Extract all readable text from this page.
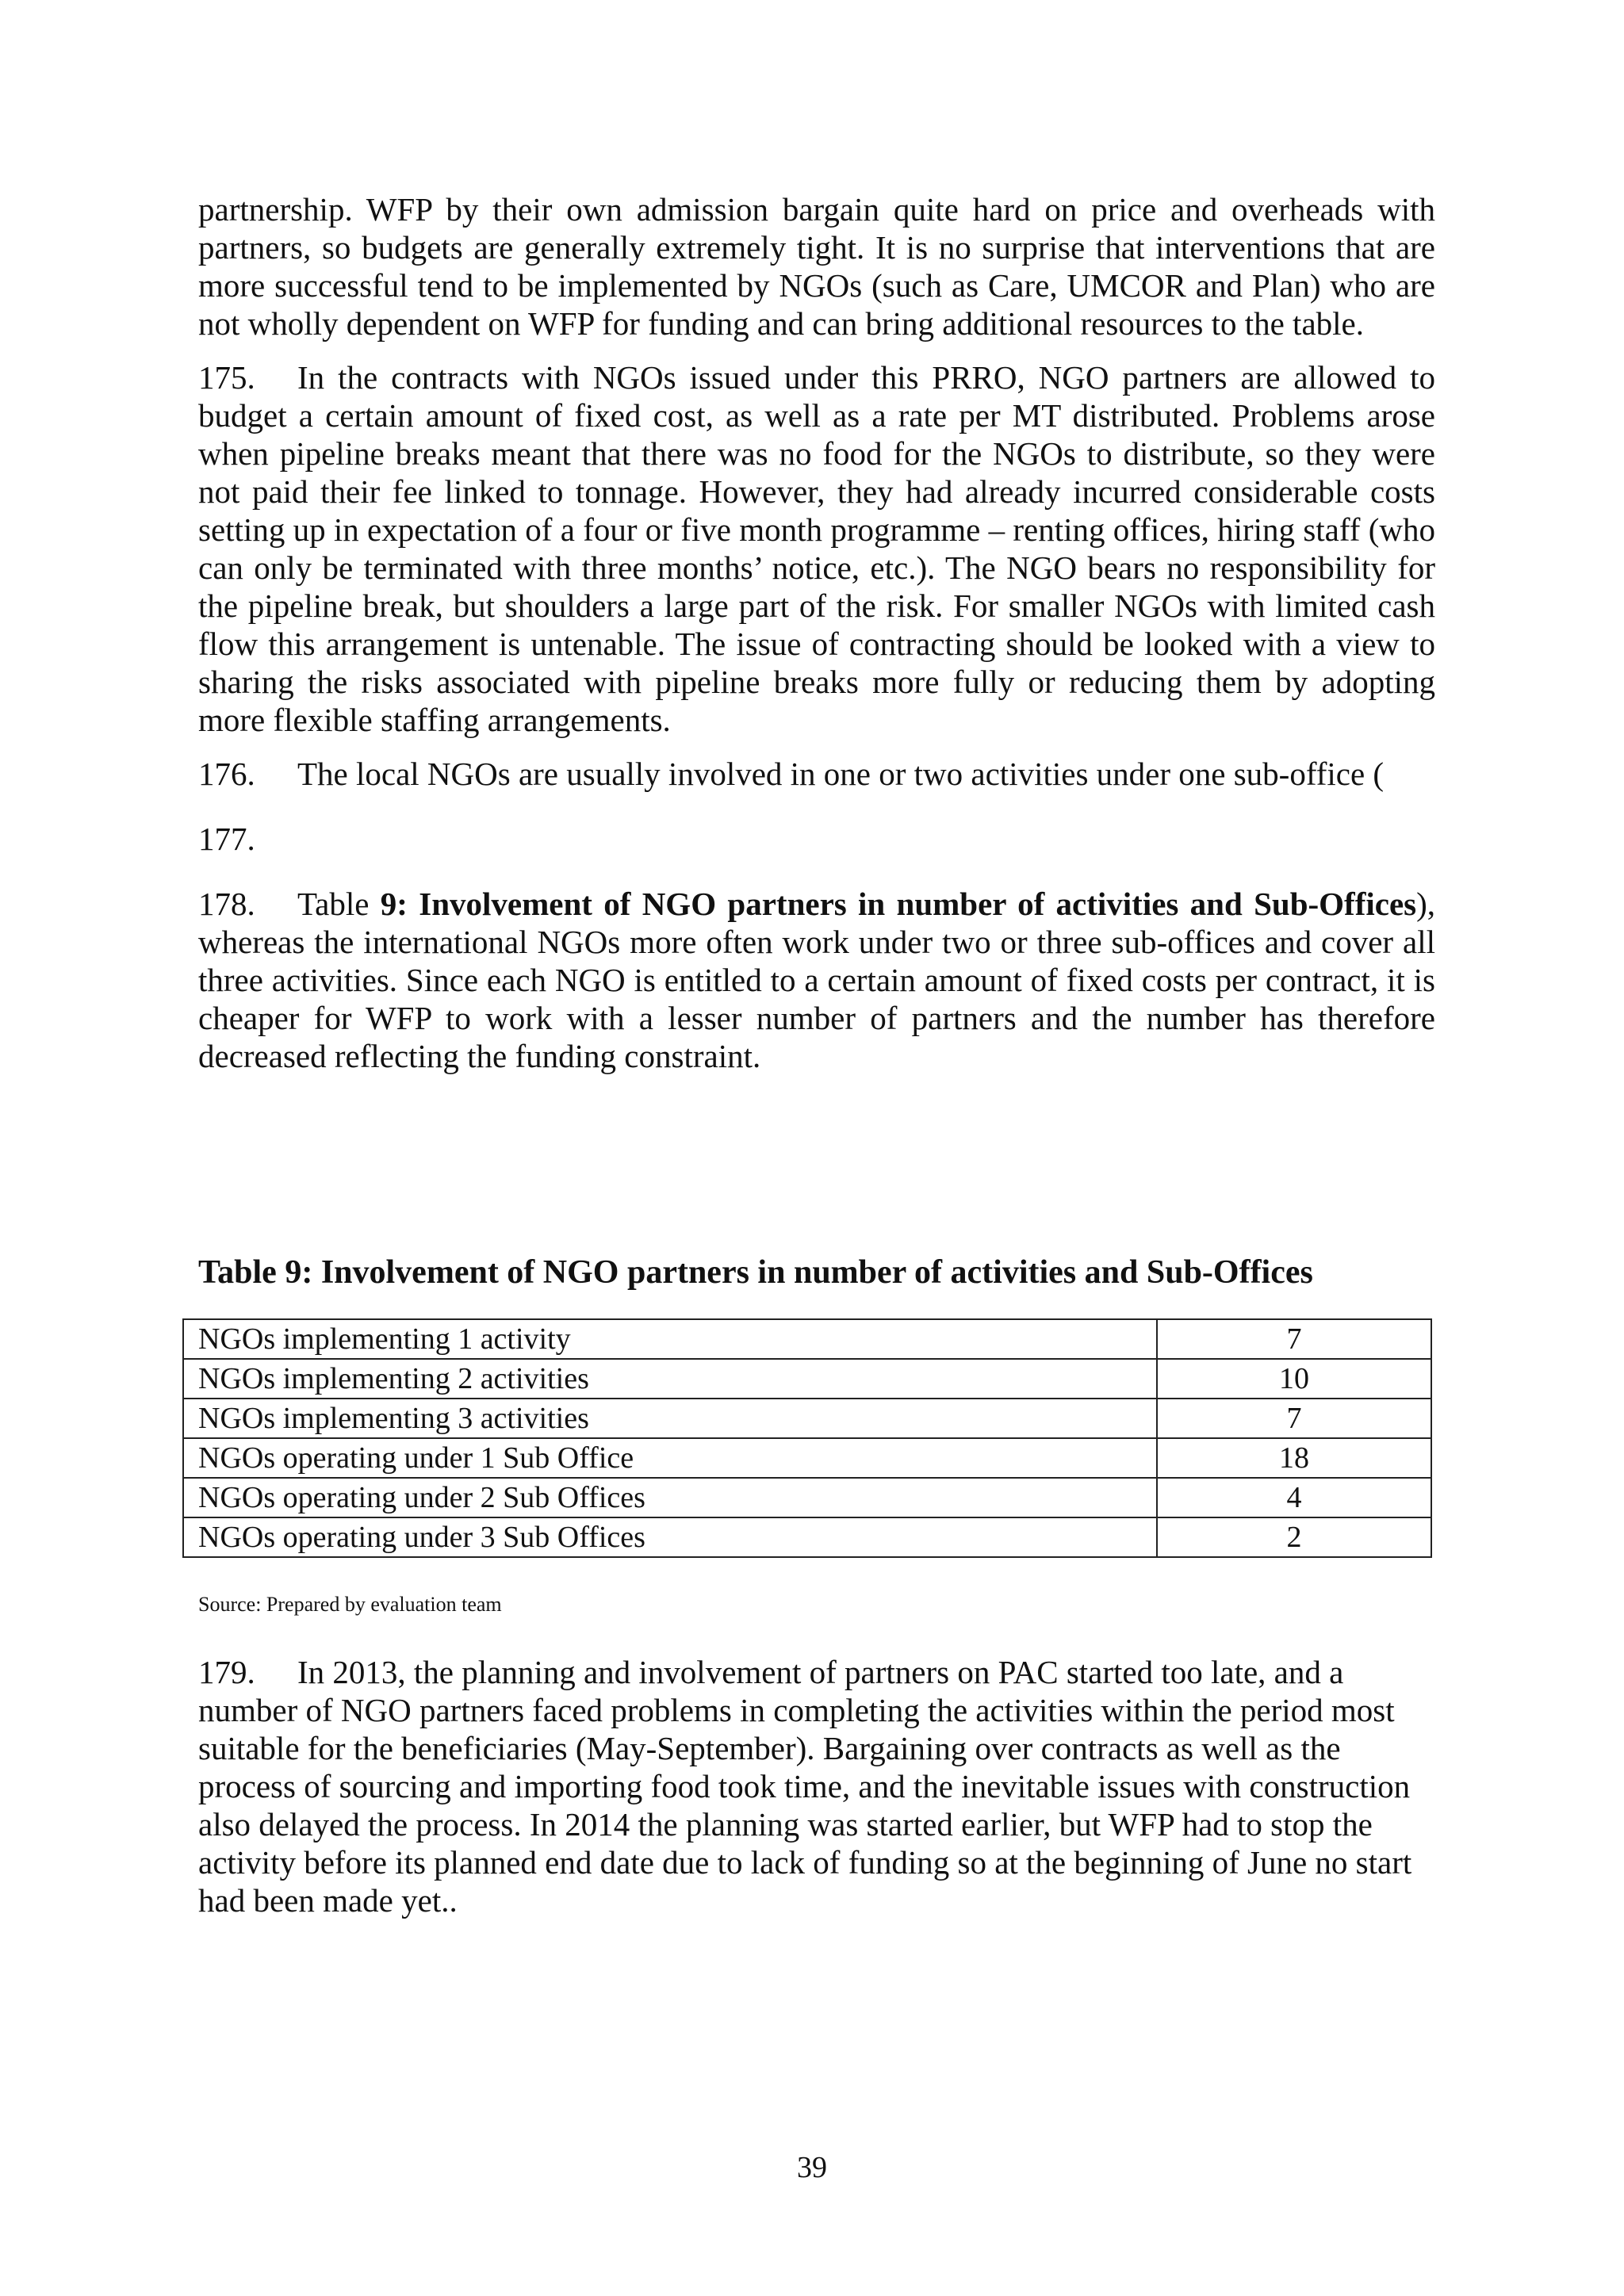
partnership. WFP by their own admission bargain quite hard on price and overheads with partners, so budgets are generally extremely tight. It is no surprise that interventions that are more successful tend to be implemented by NGOs (such as Care, UMCOR and Plan) who are not wholly dependent on WFP for funding and can bring additional resources to the table.

175. In the contracts with NGOs issued under this PRRO, NGO partners are allowed to budget a certain amount of fixed cost, as well as a rate per MT distributed. Problems arose when pipeline breaks meant that there was no food for the NGOs to distribute, so they were not paid their fee linked to tonnage. However, they had already incurred considerable costs setting up in expectation of a four or five month programme – renting offices, hiring staff (who can only be terminated with three months’ notice, etc.). The NGO bears no responsibility for the pipeline break, but shoulders a large part of the risk. For smaller NGOs with limited cash flow this arrangement is untenable. The issue of contracting should be looked with a view to sharing the risks associated with pipeline breaks more fully or reducing them by adopting more flexible staffing arrangements.

176. The local NGOs are usually involved in one or two activities under one sub-office (

177.

178. Table 9: Involvement of NGO partners in number of activities and Sub-Offices), whereas the international NGOs more often work under two or three sub-offices and cover all three activities. Since each NGO is entitled to a certain amount of fixed costs per contract, it is cheaper for WFP to work with a lesser number of partners and the number has therefore decreased reflecting the funding constraint.

Table 9: Involvement of NGO partners in number of activities and Sub-Offices
NGOs implementing 1 activity	7
NGOs implementing 2 activities	10
NGOs implementing 3 activities	7
NGOs operating under 1 Sub Office	18
NGOs operating under 2 Sub Offices	4
NGOs operating under 3 Sub Offices	2
Source: Prepared by evaluation team

179. In 2013, the planning and involvement of partners on PAC started too late, and a number of NGO partners faced problems in completing the activities within the period most suitable for the beneficiaries (May-September). Bargaining over contracts as well as the process of sourcing and importing food took time, and the inevitable issues with construction also delayed the process. In 2014 the planning was started earlier, but WFP had to stop the activity before its planned end date due to lack of funding so at the beginning of June no start had been made yet..

39
